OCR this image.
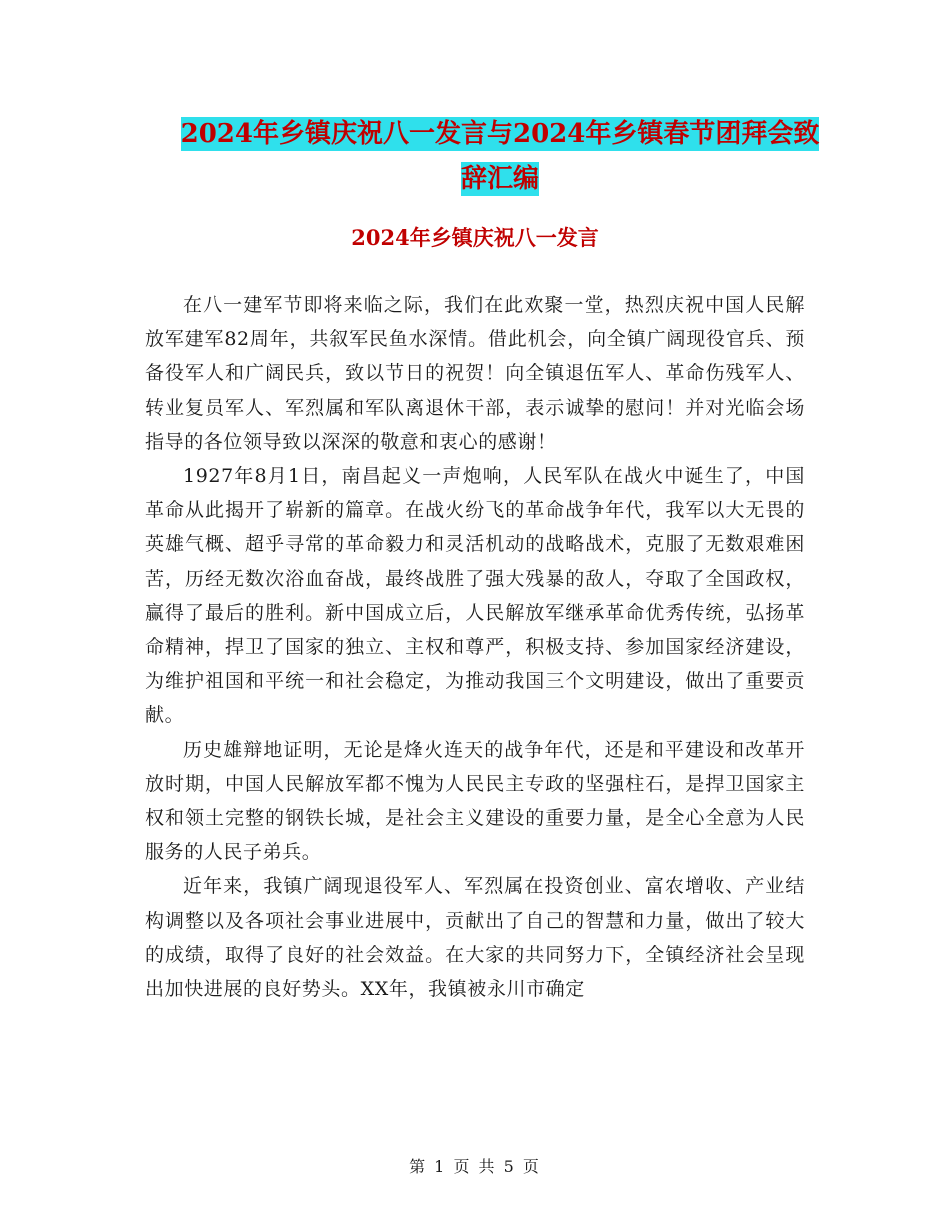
2024年乡镇庆祝八一发言与2024年乡镇春节团拜会致
辞汇编
2024年乡镇庆祝八一发言

在八一建军节即将来临之际，我们在此欢聚一堂，热烈庆祝中国人民解放军建军82周年，共叙军民鱼水深情。借此机会，向全镇广阔现役官兵、预备役军人和广阔民兵，致以节日的祝贺！向全镇退伍军人、革命伤残军人、转业复员军人、军烈属和军队离退休干部，表示诚挚的慰问！并对光临会场指导的各位领导致以深深的敬意和衷心的感谢！

1927年8月1日，南昌起义一声炮响，人民军队在战火中诞生了，中国革命从此揭开了崭新的篇章。在战火纷飞的革命战争年代，我军以大无畏的英雄气概、超乎寻常的革命毅力和灵活机动的战略战术，克服了无数艰难困苦，历经无数次浴血奋战，最终战胜了强大残暴的敌人，夺取了全国政权，赢得了最后的胜利。新中国成立后，人民解放军继承革命优秀传统，弘扬革命精神，捍卫了国家的独立、主权和尊严，积极支持、参加国家经济建设，为维护祖国和平统一和社会稳定，为推动我国三个文明建设，做出了重要贡献。

历史雄辩地证明，无论是烽火连天的战争年代，还是和平建设和改革开放时期，中国人民解放军都不愧为人民民主专政的坚强柱石，是捍卫国家主权和领土完整的钢铁长城，是社会主义建设的重要力量，是全心全意为人民服务的人民子弟兵。

近年来，我镇广阔现退役军人、军烈属在投资创业、富农增收、产业结构调整以及各项社会事业进展中，贡献出了自己的智慧和力量，做出了较大的成绩，取得了良好的社会效益。在大家的共同努力下，全镇经济社会呈现出加快进展的良好势头。XX年，我镇被永川市确定

第 1 页 共 5 页
